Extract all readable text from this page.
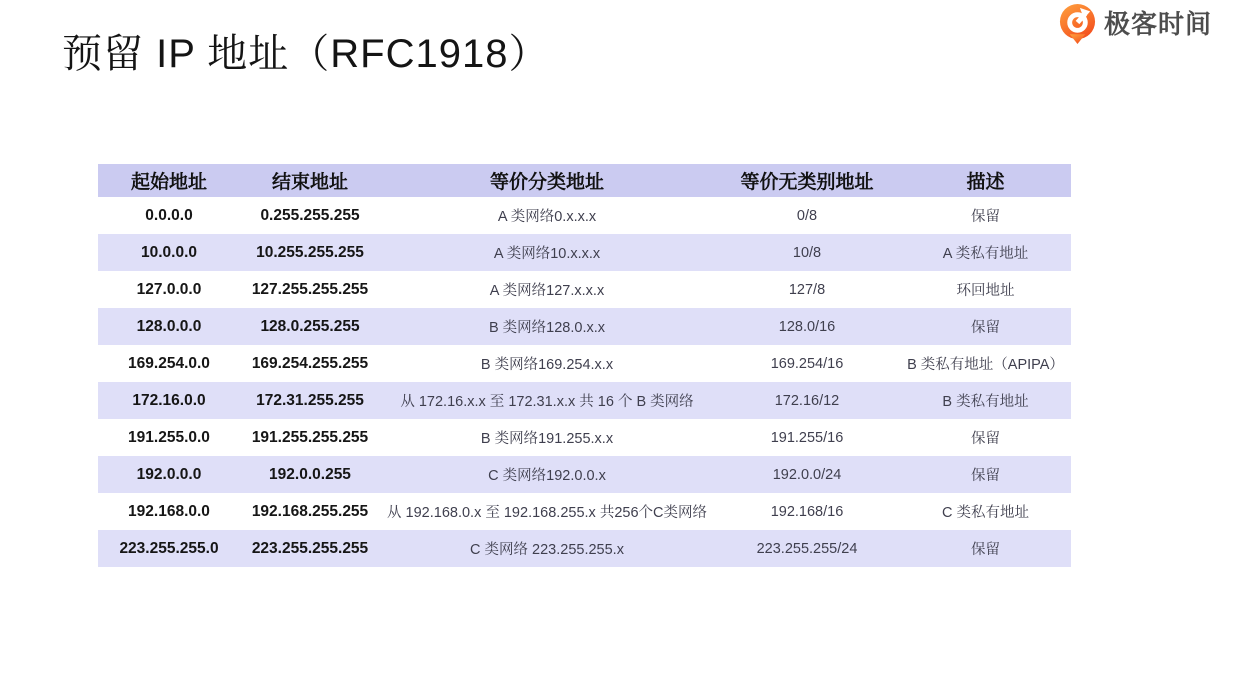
极客时间
预留 IP 地址（RFC1918）
起始地址	结束地址	等价分类地址	等价无类别地址	描述
0.0.0.0	0.255.255.255	A 类网络0.x.x.x	0/8	保留
10.0.0.0	10.255.255.255	A 类网络10.x.x.x	10/8	A 类私有地址
127.0.0.0	127.255.255.255	A 类网络127.x.x.x	127/8	环回地址
128.0.0.0	128.0.255.255	B 类网络128.0.x.x	128.0/16	保留
169.254.0.0	169.254.255.255	B 类网络169.254.x.x	169.254/16	B 类私有地址（APIPA）
172.16.0.0	172.31.255.255	从 172.16.x.x 至 172.31.x.x 共 16 个 B 类网络	172.16/12	B 类私有地址
191.255.0.0	191.255.255.255	B 类网络191.255.x.x	191.255/16	保留
192.0.0.0	192.0.0.255	C 类网络192.0.0.x	192.0.0/24	保留
192.168.0.0	192.168.255.255	从 192.168.0.x 至 192.168.255.x 共256个C类网络	192.168/16	C 类私有地址
223.255.255.0	223.255.255.255	C 类网络 223.255.255.x	223.255.255/24	保留
